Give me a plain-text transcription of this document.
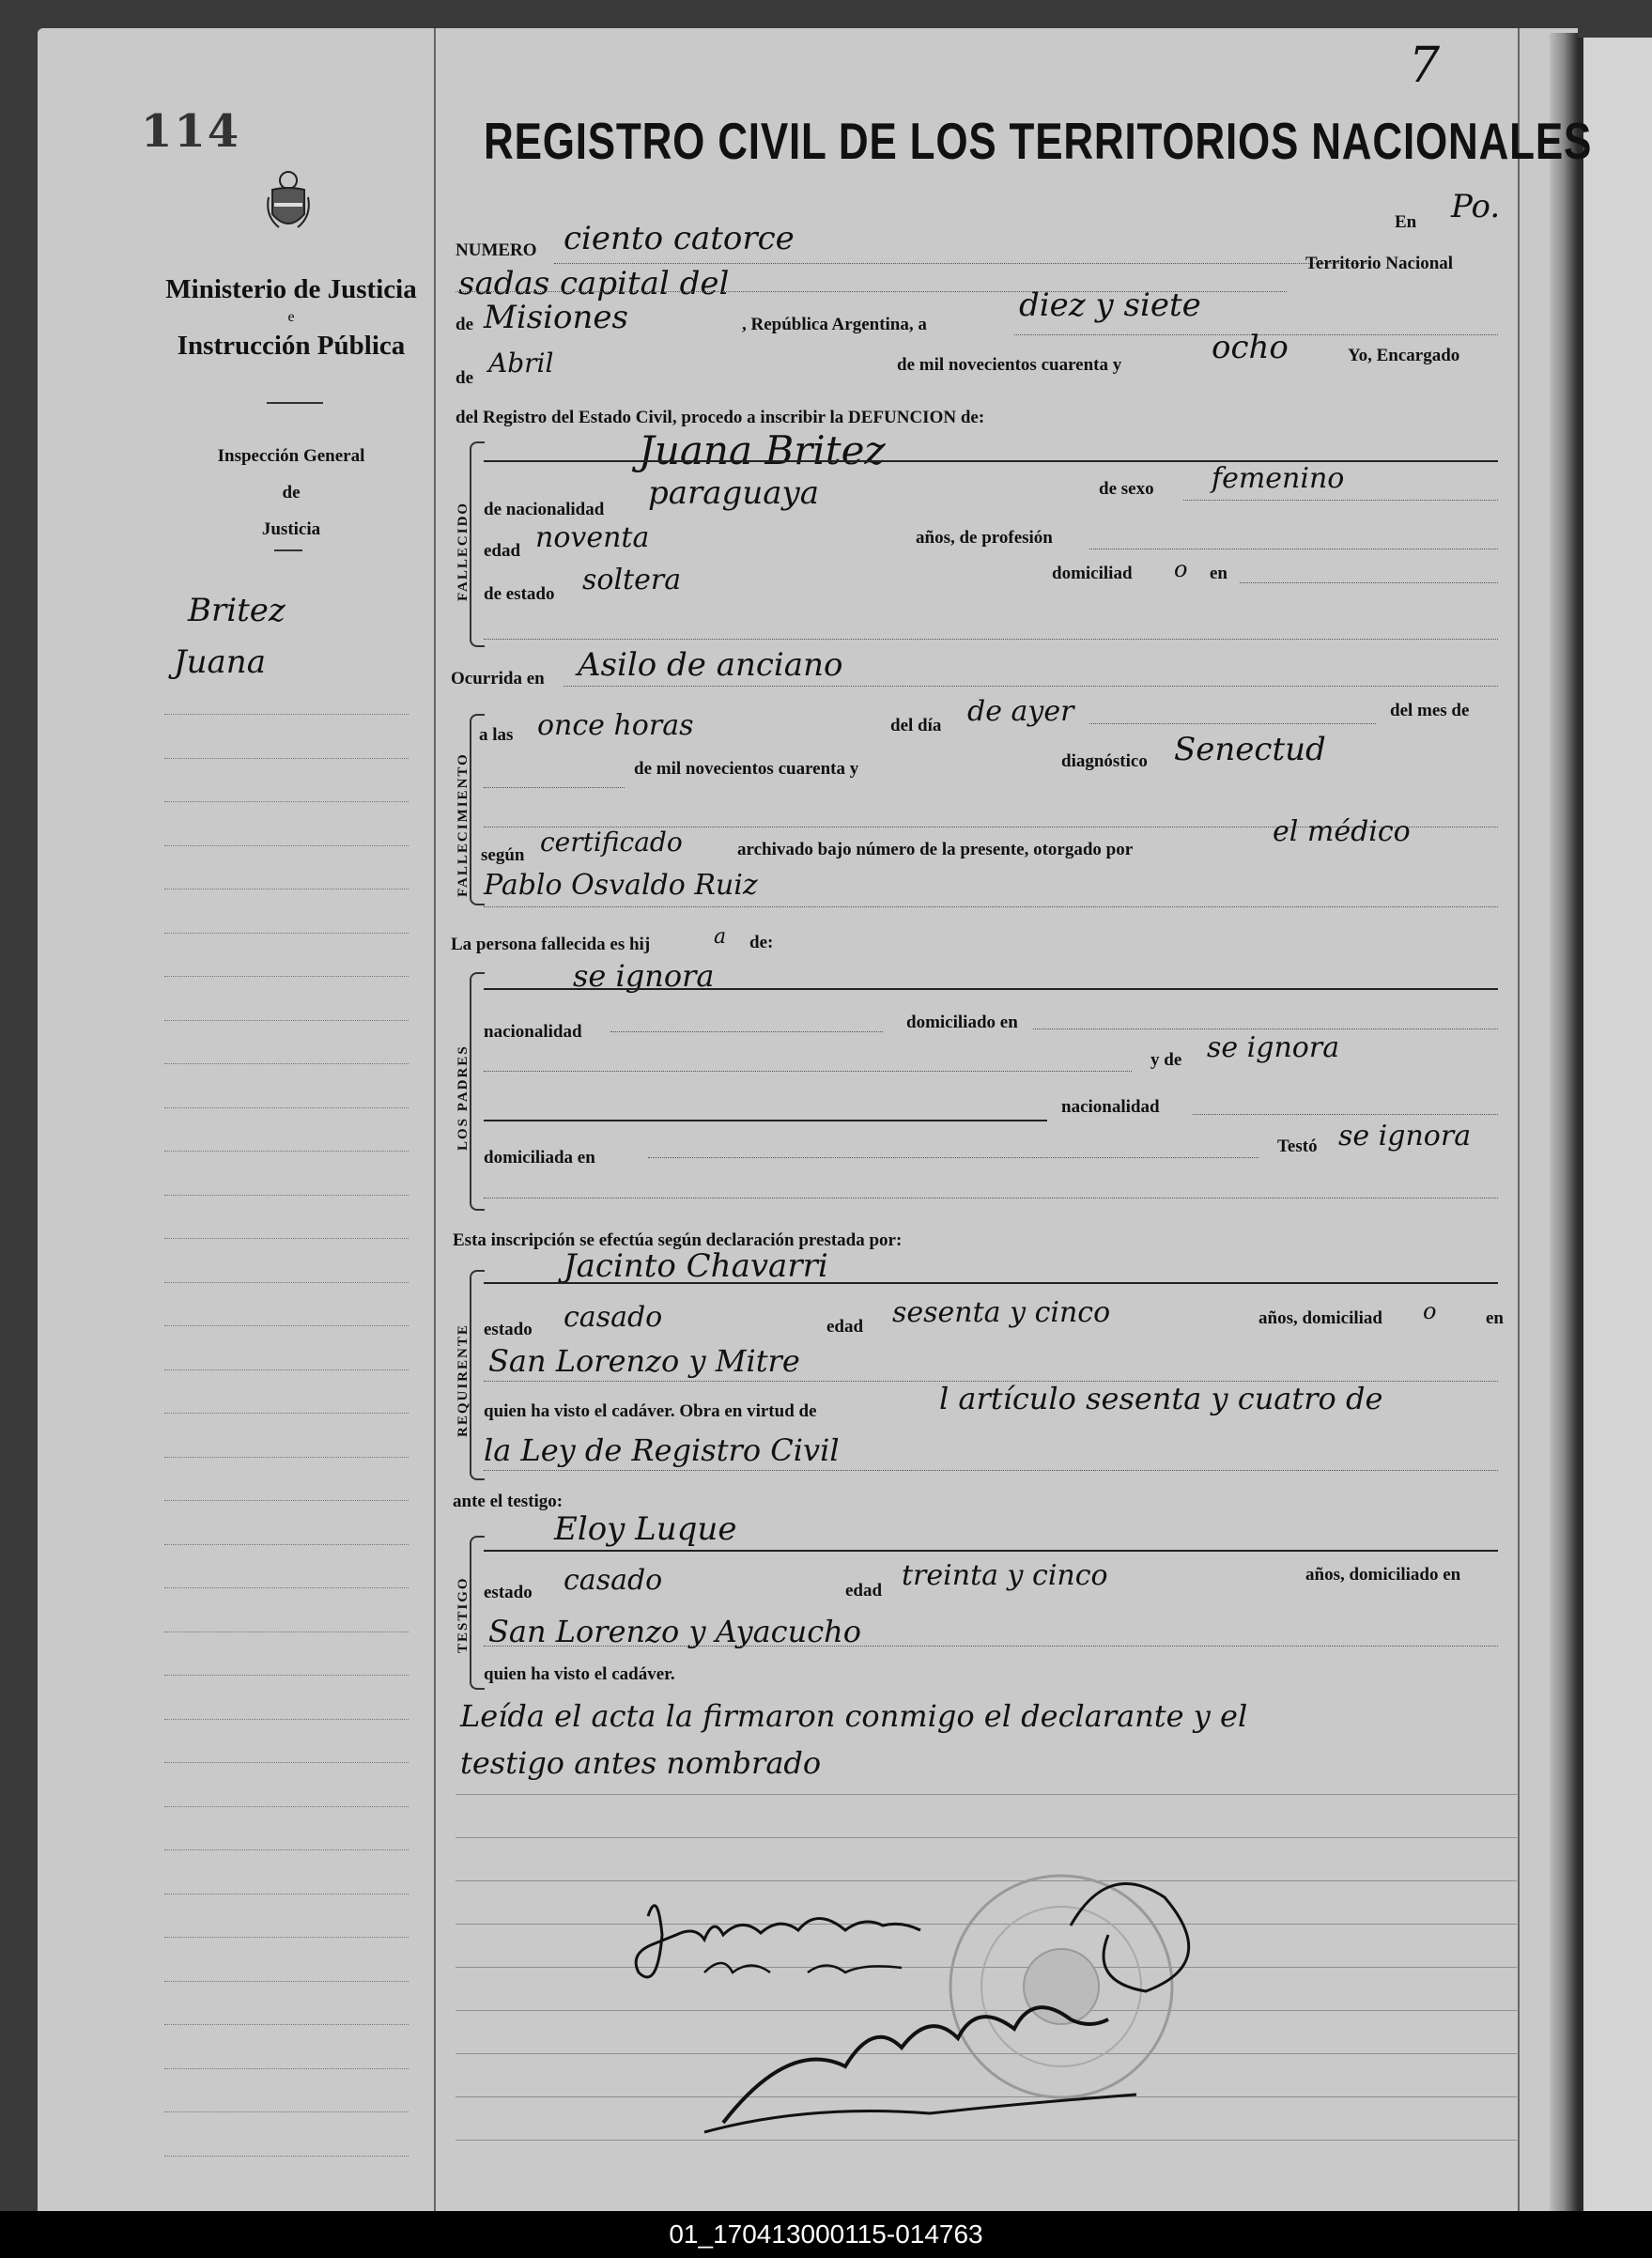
114
Ministerio de Justicia
e
Instrucción Pública
Inspección General
de
Justicia
Britez
Juana
REGISTRO CIVIL DE LOS TERRITORIOS NACIONALES
7
NUMERO ciento catorce	En Po.
sadas capital del
Territorio Nacional
de Misiones	, República Argentina, a
diez y siete
de Abril	de mil novecientos cuarenta y	ocho	Yo, Encargado
del Registro del Estado Civil, procedo a inscribir la DEFUNCION de:
FALLECIDO
Juana Britez
de nacionalidad paraguaya	de sexo femenino
edad noventa	años, de profesión
de estado soltera	domiciliad o en
Ocurrida en Asilo de anciano
FALLECIMIENTO
a las once horas	del día de ayer	del mes de
de mil novecientos cuarenta y	diagnóstico Senectud
según certificado	archivado bajo número de la presente, otorgado por
el médico
Pablo Osvaldo Ruiz
La persona fallecida es hij	a de:
LOS PADRES
se ignora
nacionalidad	domiciliado en
y de se ignora
nacionalidad
domiciliada en
Testó se ignora
Esta inscripción se efectúa según declaración prestada por:
REQUIRENTE
Jacinto Chavarri
estado casado	edad sesenta y cinco	años, domiciliad o	en
San Lorenzo y Mitre
quien ha visto el cadáver. Obra en virtud de	l artículo sesenta y cuatro de
la Ley de Registro Civil
ante el testigo:
TESTIGO
Eloy Luque
estado casado	edad treinta y cinco	años, domiciliado en
San Lorenzo y Ayacucho
quien ha visto el cadáver.
Leída el acta la firmaron conmigo el declarante y el
testigo antes nombrado
01_170413000115-014763
